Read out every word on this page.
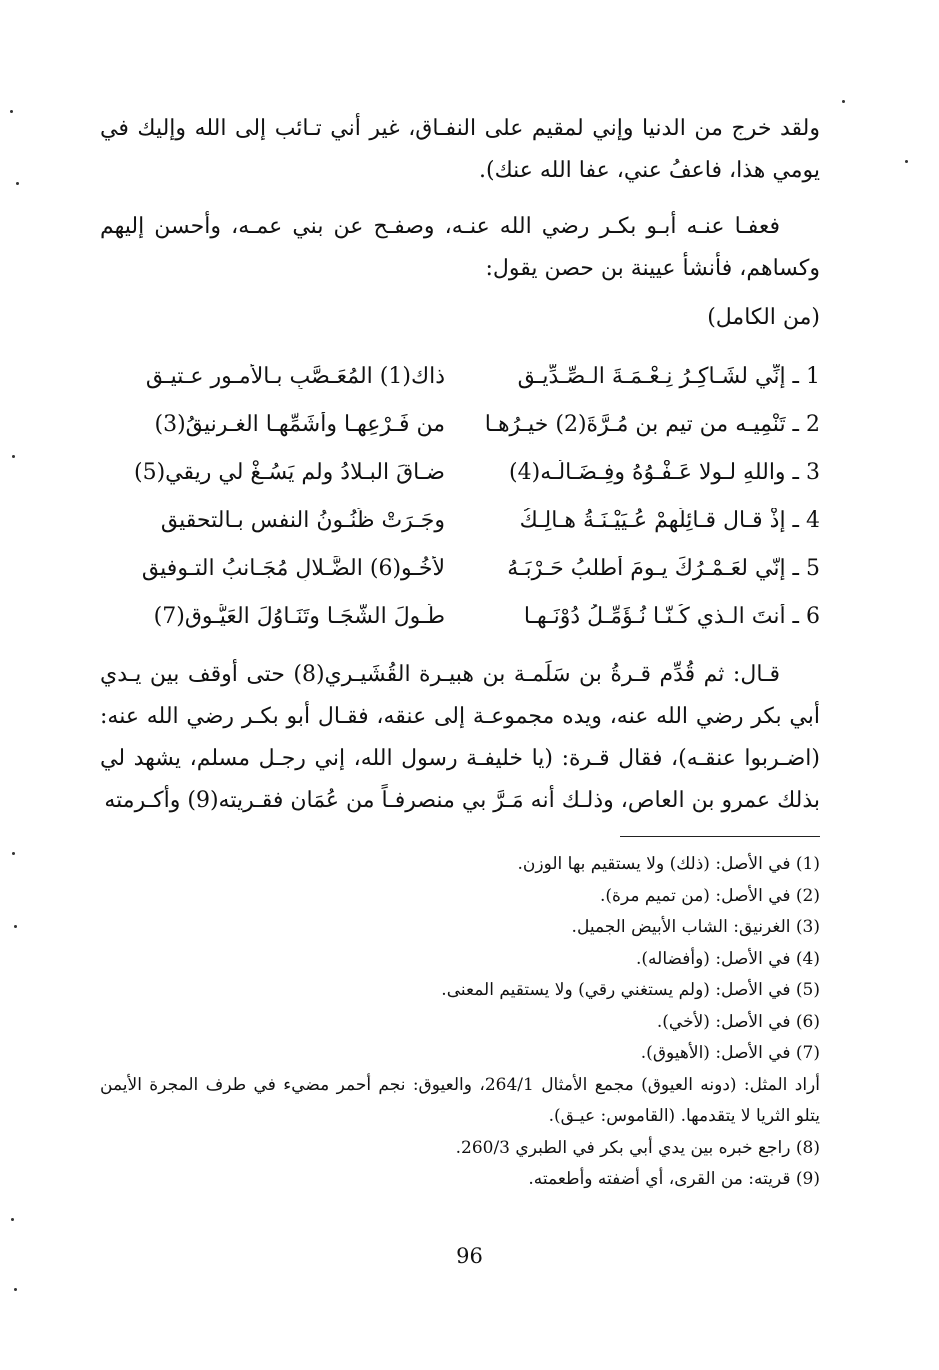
ولقد خرج من الدنيا وإني لمقيم على النفـاق، غير أني تـائب إلى الله وإليك في يومي هذا، فاعفُ عني، عفا الله عنك).

فعفـا عنـه أبـو بكـر رضي الله عنـه، وصفـح عن بني عمـه، وأحسن إليهم وكساهم، فأنشأ عيينة بن حصن يقول:

(من الكامل)
1 ـ إنِّي لشَـاكِـرُ نِـعْـمَـةَ الـصِّـدِّيـقِ
ذاك(1) المُعَـصَّبِ بـالأمـورِ عـتيـقِ
2 ـ تَنْمِيـه من تيمِ بنِ مُـرَّةَ(2) خيـرُهـا
من فَـرْعِهـا وأشَمِّهـا الغـرنيقُ(3)
3 ـ واللهِ لـولا عَـفْـوُهُ وفِـضَـالُـه(4)
ضـاقَ البـلادُ ولم يَسُـغْ لي ريقي(5)
4 ـ إذْ قـال قـائِلُهمْ عُـيَيْـنَـةُ هـالِـكُ
وجَـرَتْ ظُنُـونُ النفسِ بـالتحقيقِ
5 ـ إنّي لعَـمْـرُكَ يـومَ أطلبُ حَـرْبَـهُ
لأخُـو(6) الضَّـلالِ مُجَـانبُ التـوفيقِ
6 ـ أنتَ الـذي كُـنّـا نُـؤَمِّـلُ دُوْنَـهـا
طُـولَ الشَّجَـا وتَنَـاوُلَ العَيُّـوقِ(7)

قـال: ثم قُدِّم قـرةُ بن سَلَمـة بن هبيـرة القُشَيـري(8) حتى أوقف بين يـدي أبي بكر رضي الله عنه، ويده مجموعـة إلى عنقه، فقـال أبو بكـر رضي الله عنه: (اضـربوا عنقـه)، فقال قـرة: (يا خليفـة رسول الله، إني رجـل مسلم، يشهد لي بذلك عمرو بن العاص، وذلـك أنه مَـرَّ بي منصرفـاً من عُمَان فقـريته(9) وأكـرمته

(1) في الأصل: (ذلك) ولا يستقيم بها الوزن.

(2) في الأصل: (من تميم مرة).

(3) الغرنيق: الشاب الأبيض الجميل.

(4) في الأصل: (وأفضاله).

(5) في الأصل: (ولم يستغني رقي) ولا يستقيم المعنى.

(6) في الأصل: (لأخي).

(7) في الأصل: (الأهيوق).

أراد المثل: (دونه العيوق) مجمع الأمثال 264/1، والعيوق: نجم أحمر مضيء في طرف المجرة الأيمن يتلو الثريا لا يتقدمها. (القاموس: عيـق).

(8) راجع خبره بين يدي أبي بكر في الطبري 260/3.

(9) قريته: من القرى، أي أضفته وأطعمته.

96
